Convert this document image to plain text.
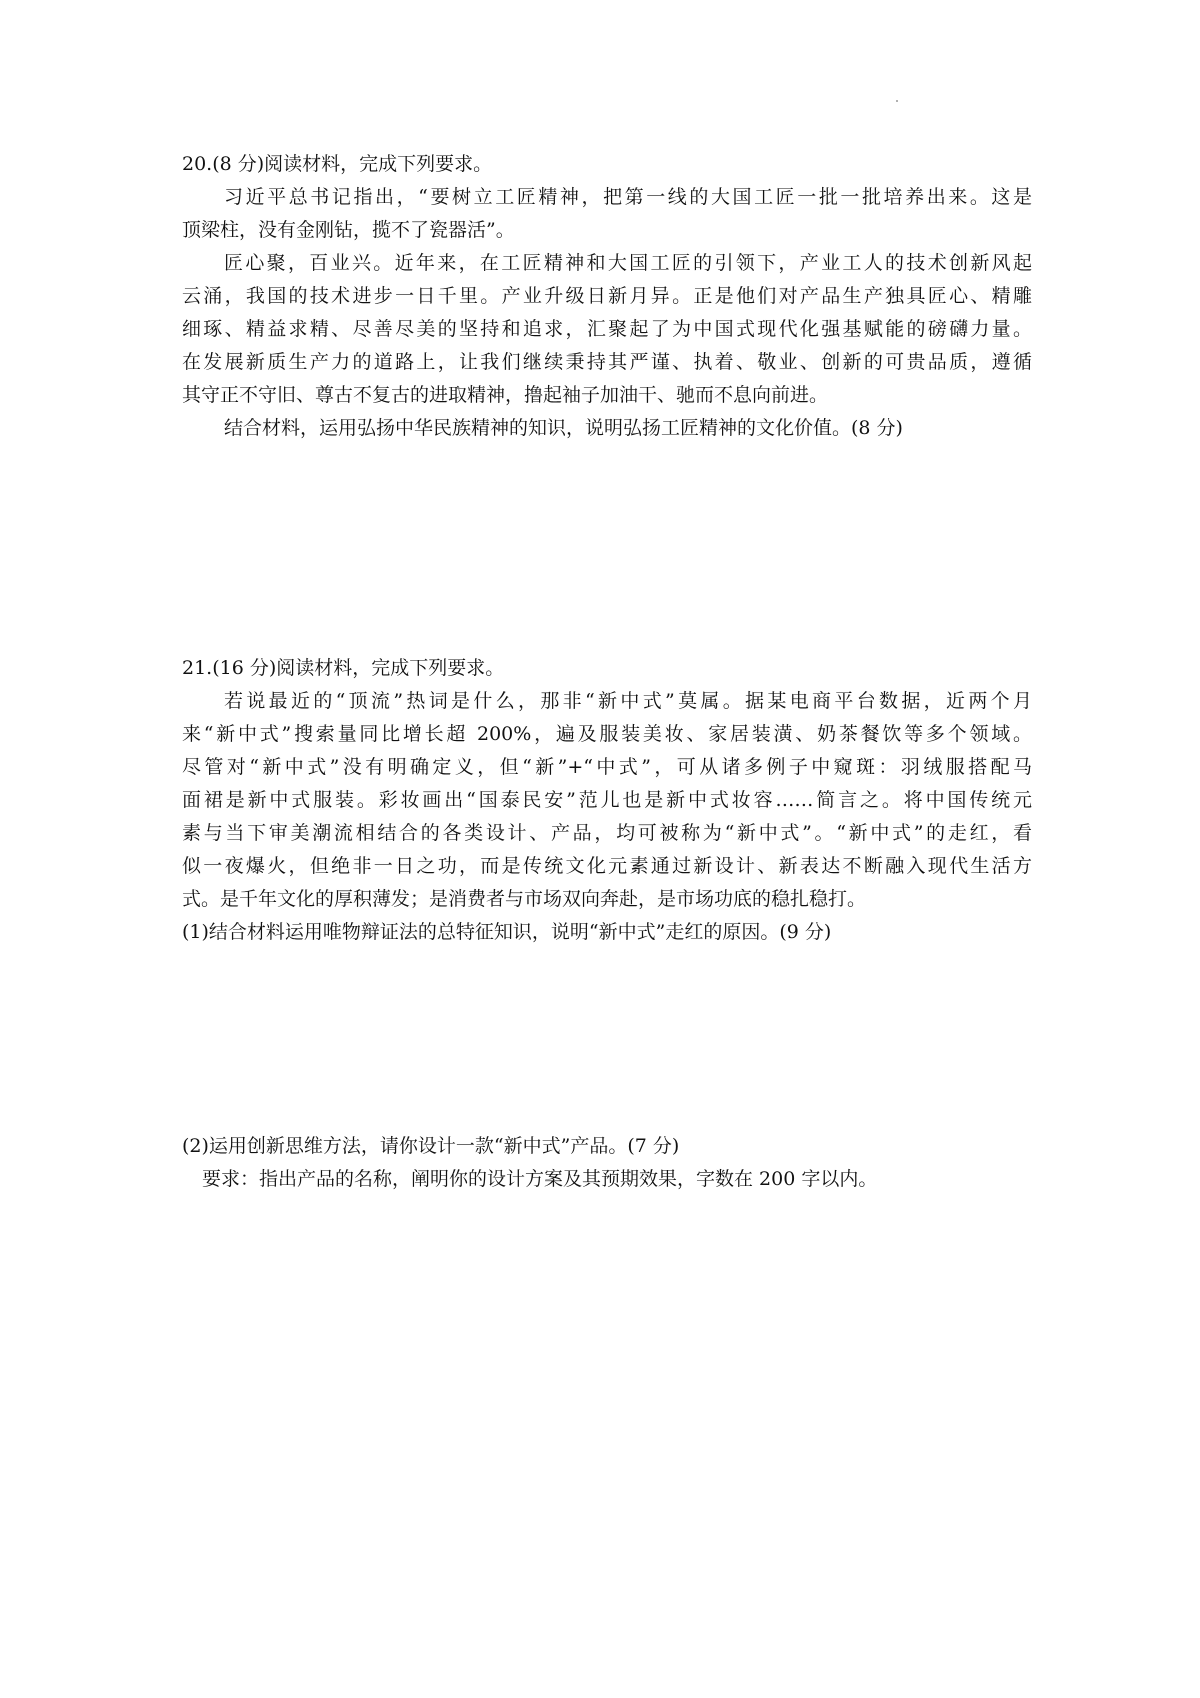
20.(8 分)阅读材料，完成下列要求。

习近平总书记指出，“要树立工匠精神，把第一线的大国工匠一批一批培养出来。这是

顶梁柱，没有金刚钻，揽不了瓷器活”。

匠心聚，百业兴。近年来，在工匠精神和大国工匠的引领下，产业工人的技术创新风起

云涌，我国的技术进步一日千里。产业升级日新月异。正是他们对产品生产独具匠心、精雕

细琢、精益求精、尽善尽美的坚持和追求，汇聚起了为中国式现代化强基赋能的磅礴力量。

在发展新质生产力的道路上，让我们继续秉持其严谨、执着、敬业、创新的可贵品质，遵循

其守正不守旧、尊古不复古的进取精神，撸起袖子加油干、驰而不息向前进。

结合材料，运用弘扬中华民族精神的知识，说明弘扬工匠精神的文化价值。(8 分)

21.(16 分)阅读材料，完成下列要求。

若说最近的“顶流”热词是什么，那非“新中式”莫属。据某电商平台数据，近两个月

来“新中式”搜索量同比增长超 200%，遍及服装美妆、家居装潢、奶茶餐饮等多个领域。

尽管对“新中式”没有明确定义，但“新”+“中式”，可从诸多例子中窥斑：羽绒服搭配马

面裙是新中式服装。彩妆画出“国泰民安”范儿也是新中式妆容……简言之。将中国传统元

素与当下审美潮流相结合的各类设计、产品，均可被称为“新中式”。“新中式”的走红，看

似一夜爆火，但绝非一日之功，而是传统文化元素通过新设计、新表达不断融入现代生活方

式。是千年文化的厚积薄发；是消费者与市场双向奔赴，是市场功底的稳扎稳打。

(1)结合材料运用唯物辩证法的总特征知识，说明“新中式”走红的原因。(9 分)

(2)运用创新思维方法，请你设计一款“新中式”产品。(7 分)

要求：指出产品的名称，阐明你的设计方案及其预期效果，字数在 200 字以内。
